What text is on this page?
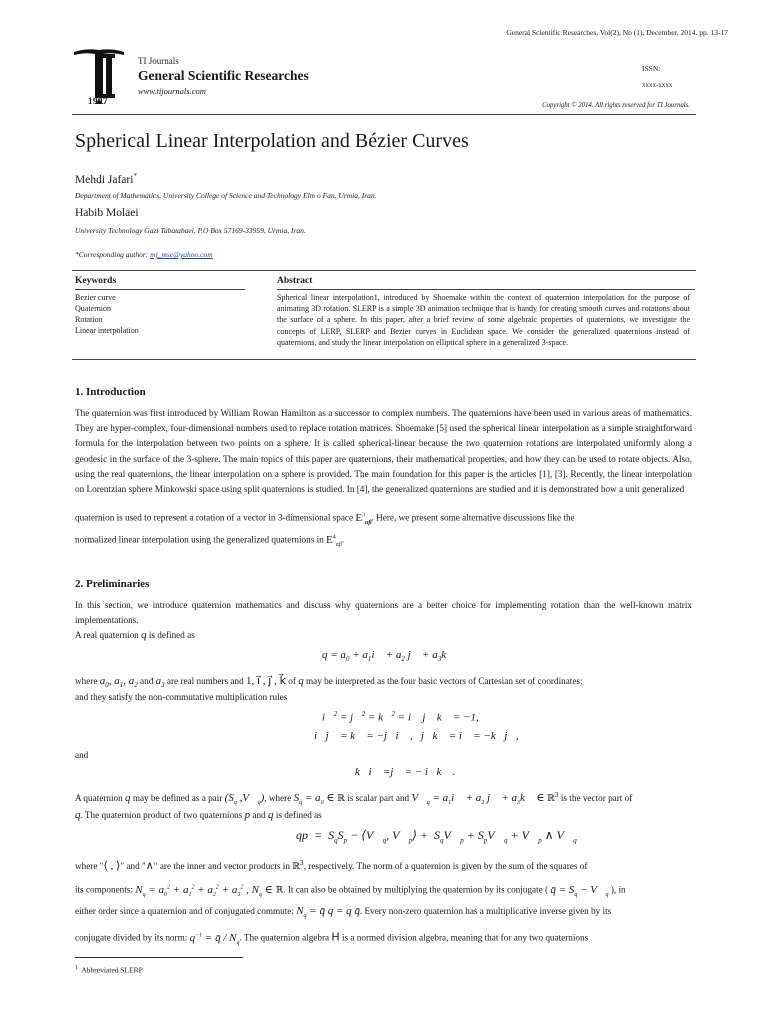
General Scientific Researches, Vol(2), No (1), December, 2014. pp. 13-17
1997
TI Journals
General Scientific Researches
www.tijournals.com
ISSN:
xxxx-xxxx
Copyright © 2014. All rights reserved for TI Journals.
Spherical Linear Interpolation and Bézier Curves
Mehdi Jafari*
Department of Mathematics, University College of Science and Technology Elm o Fan, Urmia, Iran.
Habib Molaei
University Technology Gazi Tabatabaei, P.O Box 57169-33959, Urmia, Iran.
*Corresponding author: mj_msc@yahoo.com
Keywords	Abstract
Bezier curve
Quaternion
Rotation
Linear interpolation
Spherical linear interpolation1, introduced by Shoemake within the context of quaternion interpolation for the purpose of animating 3D rotation. SLERP is a simple 3D animation technique that is handy for creating smooth curves and rotations about the surface of a sphere. In this paper, after a brief review of some algebraic properties of quaternions, we investigate the concepts of LERP, SLERP and Bezier curves in Euclidean space. We consider the generalized quaternions instead of quaternions, and study the linear interpolation on elliptical sphere in a generalized 3-space.
1. Introduction
The quaternion was first introduced by William Rowan Hamilton as a successor to complex numbers. The quaternions have been used in various areas of mathematics. They are hyper-complex, four-dimensional numbers used to replace rotation matrices. Shoemake [5] used the spherical linear interpolation as a simple straightforward formula for the interpolation between two points on a sphere. It is called spherical-linear because the two quaternion rotations are interpolated uniformly along a geodesic in the surface of the 3-sphere. The main topics of this paper are quaternions, their mathematical properties, and how they can be used to rotate objects. Also, using the real quaternions, the linear interpolation on a sphere is provided. The main foundation for this paper is the articles [1], [3]. Recently, the linear interpolation on Lorentzian sphere Minkowski space using split quaternions is studied. In [4], the generalized quaternions are studied and it is demonstrated how a unit generalized
quaternion is used to represent a rotation of a vector in 3-dimensional space $E^3_{\alpha\beta}$. Here, we present some alternative discussions like the
normalized linear interpolation using the generalized quaternions in $E^4_{\alpha\beta}$.
2. Preliminaries
In this section, we introduce quaternion mathematics and discuss why quaternions are a better choice for implementing rotation than the well-known matrix implementations.
A real quaternion q is defined as
$q = a_0$ + $a_1i⃗ + a_2$ j⃗ + $a_3k⃗$
where $a_0$, $a_1$, $a_2$ and $a_3$ are real numbers and 1, i⃗ , j⃗ , k⃗ of q may be interpreted as the four basic vectors of Cartesian set of coordinates;
and they satisfy the non-commutative multiplication rules
i⃗$^2$ = j⃗$^2$ = k⃗$^2$ = i⃗ j⃗ k⃗ = −1,
i⃗j⃗ = k⃗ = −j⃗i⃗ ,   j⃗k⃗ = i⃗ = −k⃗j⃗,
and
k⃗i⃗ =j⃗ = − i⃗k⃗ .
A quaternion q may be defined as a pair ($S_q$ $,V⃗_q$), where $S_q = a_0$ ∈ ℝ is scalar part and $V⃗_q$ = $a_1i⃗ + a_2$ j⃗ + $a_3k⃗$ ∈ ℝ$^3$ is the vector part of
q. The quaternion product of two quaternions p and q is defined as
qp  =  $S_qS_p$ − $⟨V⃗_q$, $V⃗_p⟩$ +  $S_qV⃗_p$ + $S_pV⃗_q$ + $V⃗_p$ ∧ $V⃗_q$
where "⟨ , ⟩" and "∧" are the inner and vector products in ℝ$^3$, respectively. The norm of a quaternion is given by the sum of the squares of
its components: $N_q = a_0^2 + a_1^2 + a_2^2 + a_3^2$ , $N_q$ ∈ ℝ. It can also be obtained by multiplying the quaternion by its conjugate ( q̄ = $S_q$ − $V⃗_q$ ), in
either order since a quaternion and of conjugated commute: $N_q$ = q̄ q = q q̄. Every non-zero quaternion has a multiplicative inverse given by its
conjugate divided by its norm: $q^{-1}$ = q̄ / $N_q$. The quaternion algebra H is a normed division algebra, meaning that for any two quaternions
$^1$ Abbreviated SLERP
